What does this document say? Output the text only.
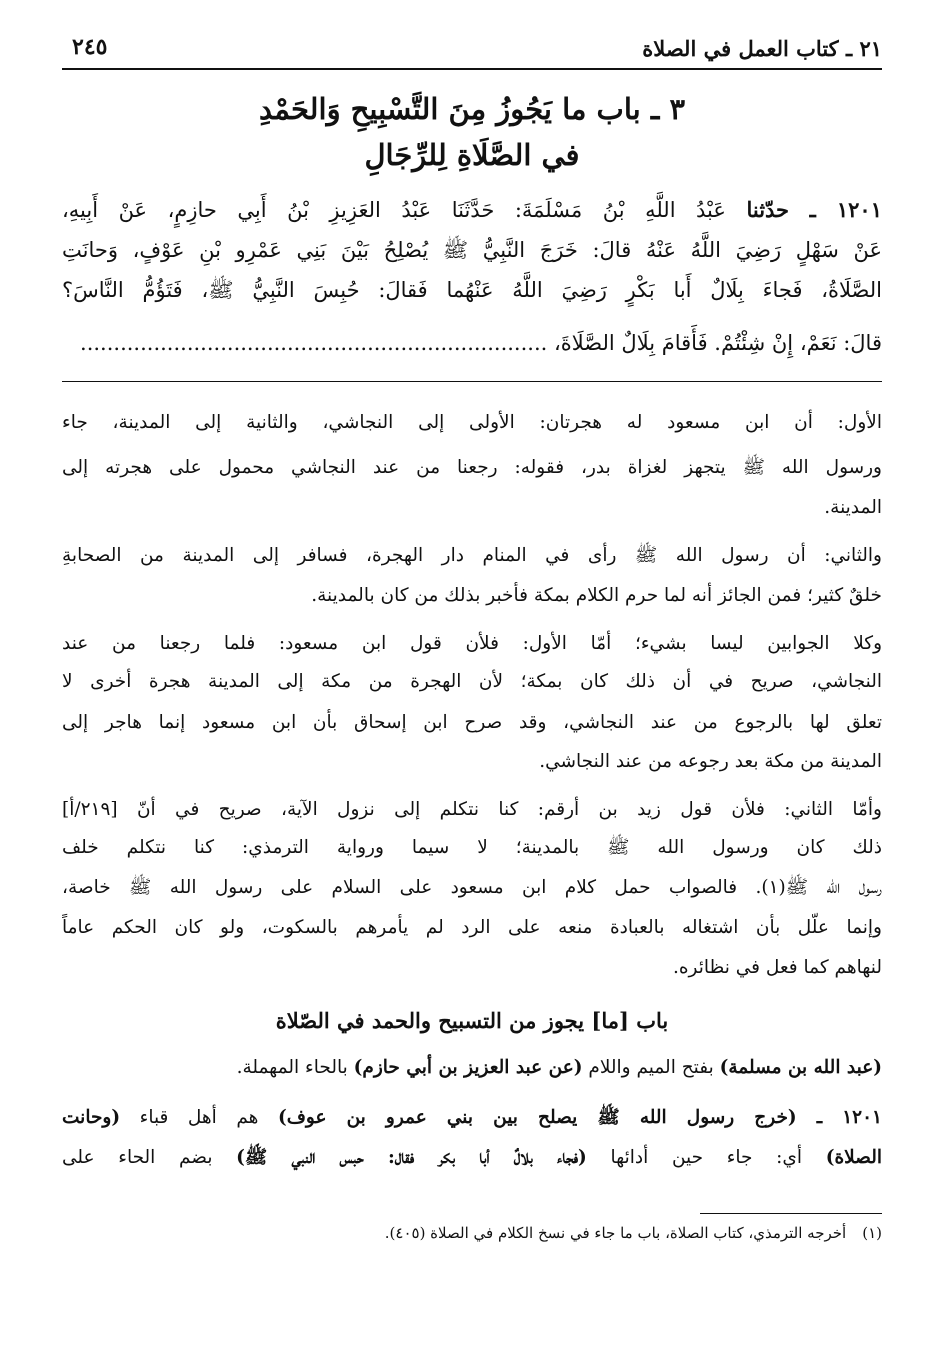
٢١ ـ كتاب العمل في الصلاة
٢٤٥
٣ ـ باب ما يَجُوزُ مِنَ التَّسْبِيحِ وَالحَمْدِ
في الصَّلَاةِ لِلرِّجَالِ
١٢٠١ ـ حدّثنا عَبْدُ اللَّهِ بْنُ مَسْلَمَةَ: حَدَّثَنَا عَبْدُ العَزِيزِ بْنُ أَبِي حازِمٍ، عَنْ أَبِيهِ،
عَنْ سَهْلٍ رَضِيَ اللَّهُ عَنْهُ قالَ: خَرَجَ النَّبِيُّ ﷺ يُصْلِحُ بَيْنَ بَنِي عَمْرِو بْنِ عَوْفٍ، وَحانَتِ
الصَّلَاةُ، فَجاءَ بِلَالٌ أَبا بَكْرٍ رَضِيَ اللَّهُ عَنْهُما فَقالَ: حُبِسَ النَّبِيُّ ﷺ، فَتَؤُمُّ النَّاسَ؟
قالَ: نَعَمْ، إِنْ شِئْتُمْ. فَأَقامَ بِلَالٌ الصَّلَاةَ، ......................................................................
الأول: أن ابن مسعود له هجرتان: الأولى إلى النجاشي، والثانية إلى المدينة، جاء
ورسول الله ﷺ يتجهز لغزاة بدر، فقوله: رجعنا من عند النجاشي محمول على هجرته إلى
المدينة.
والثاني: أن رسول الله ﷺ رأى في المنام دار الهجرة، فسافر إلى المدينة من الصحابةِ
خلقٌ كثير؛ فمن الجائز أنه لما حرم الكلام بمكة فأخبر بذلك من كان بالمدينة.
وكلا الجوابين ليسا بشيء؛ أمّا الأول: فلأن قول ابن مسعود: فلما رجعنا من عند
النجاشي، صريح في أن ذلك كان بمكة؛ لأن الهجرة من مكة إلى المدينة هجرة أخرى لا
تعلق لها بالرجوع من عند النجاشي، وقد صرح ابن إسحاق بأن ابن مسعود إنما هاجر إلى
المدينة من مكة بعد رجوعه من عند النجاشي.
وأمّا الثاني: فلأن قول زيد بن أرقم: كنا نتكلم إلى نزول الآية، صريح في أنّ [٢١٩/أ]
ذلك كان ورسول الله ﷺ بالمدينة؛ لا سيما ورواية الترمذي: كنا نتكلم خلف
رسول الله ﷺ(١). فالصواب حمل كلام ابن مسعود على السلام على رسول الله ﷺ خاصة،
وإنما علّل بأن اشتغاله بالعبادة منعه على الرد لم يأمرهم بالسكوت، ولو كان الحكم عاماً
لنهاهم كما فعل في نظائره.
باب [ما] يجوز من التسبيح والحمد في الصّلاة
(عبد الله بن مسلمة) بفتح الميم واللام (عن عبد العزيز بن أبي حازم) بالحاء المهملة.
١٢٠١ ـ (خرج رسول الله ﷺ يصلح بين بني عمرو بن عوف) هم أهل قباء (وحانت
الصلاة) أي: جاء حين أدائها (فجاء بلالٌ أبا بكر فقال: حبس النبي ﷺ) بضم الحاء على
(١)أخرجه الترمذي، كتاب الصلاة، باب ما جاء في نسخ الكلام في الصلاة (٤٠٥).
